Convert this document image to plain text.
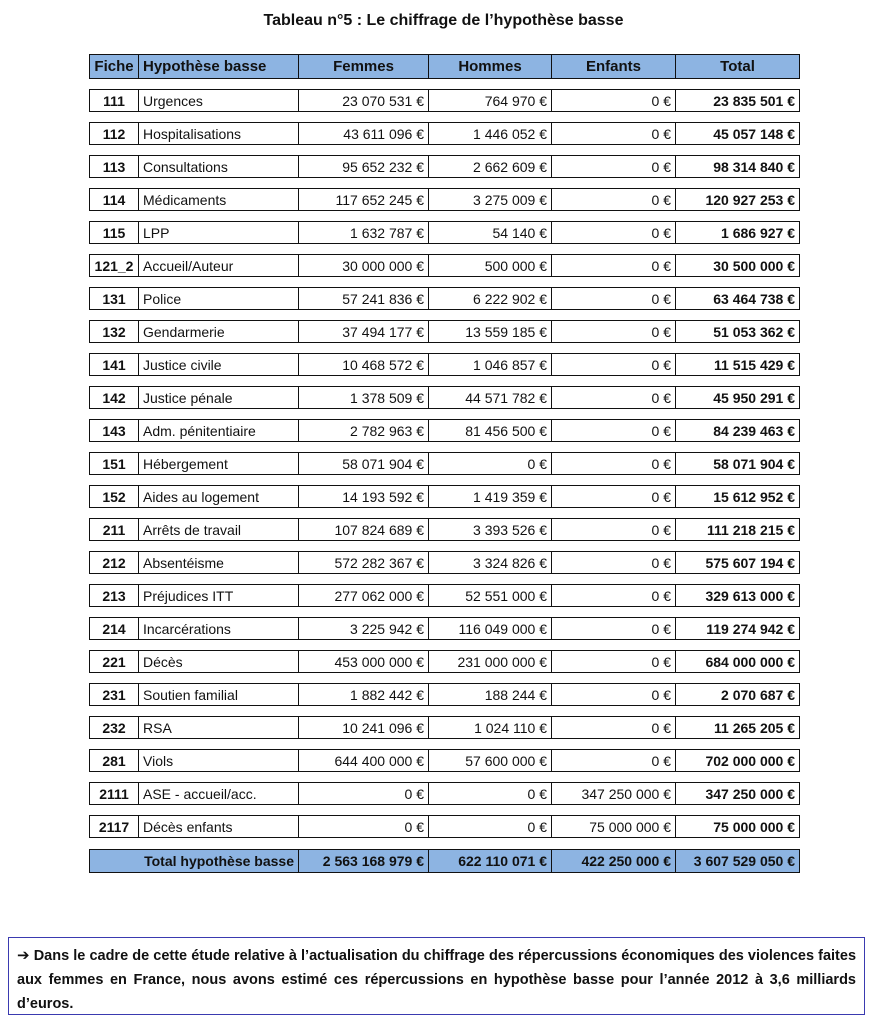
Tableau n°5 : Le chiffrage de l’hypothèse basse
Fiche	Hypothèse basse	Femmes	Hommes	Enfants	Total

111	Urgences	23 070 531 €	764 970 €	0 €	23 835 501 €

112	Hospitalisations	43 611 096 €	1 446 052 €	0 €	45 057 148 €

113	Consultations	95 652 232 €	2 662 609 €	0 €	98 314 840 €

114	Médicaments	117 652 245 €	3 275 009 €	0 €	120 927 253 €

115	LPP	1 632 787 €	54 140 €	0 €	1 686 927 €

121_2	Accueil/Auteur	30 000 000 €	500 000 €	0 €	30 500 000 €

131	Police	57 241 836 €	6 222 902 €	0 €	63 464 738 €

132	Gendarmerie	37 494 177 €	13 559 185 €	0 €	51 053 362 €

141	Justice civile	10 468 572 €	1 046 857 €	0 €	11 515 429 €

142	Justice pénale	1 378 509 €	44 571 782 €	0 €	45 950 291 €

143	Adm. pénitentiaire	2 782 963 €	81 456 500 €	0 €	84 239 463 €

151	Hébergement	58 071 904 €	0 €	0 €	58 071 904 €

152	Aides au logement	14 193 592 €	1 419 359 €	0 €	15 612 952 €

211	Arrêts de travail	107 824 689 €	3 393 526 €	0 €	111 218 215 €

212	Absentéisme	572 282 367 €	3 324 826 €	0 €	575 607 194 €

213	Préjudices ITT	277 062 000 €	52 551 000 €	0 €	329 613 000 €

214	Incarcérations	3 225 942 €	116 049 000 €	0 €	119 274 942 €

221	Décès	453 000 000 €	231 000 000 €	0 €	684 000 000 €

231	Soutien familial	1 882 442 €	188 244 €	0 €	2 070 687 €

232	RSA	10 241 096 €	1 024 110 €	0 €	11 265 205 €

281	Viols	644 400 000 €	57 600 000 €	0 €	702 000 000 €

2111	ASE - accueil/acc.	0 €	0 €	347 250 000 €	347 250 000 €

2117	Décès enfants	0 €	0 €	75 000 000 €	75 000 000 €

	Total hypothèse basse	2 563 168 979 €	622 110 071 €	422 250 000 €	3 607 529 050 €
➔ Dans le cadre de cette étude relative à l’actualisation du chiffrage des répercussions économiques des violences faites aux femmes en France, nous avons estimé ces répercussions en hypothèse basse pour l’année 2012 à 3,6 milliards d’euros.
